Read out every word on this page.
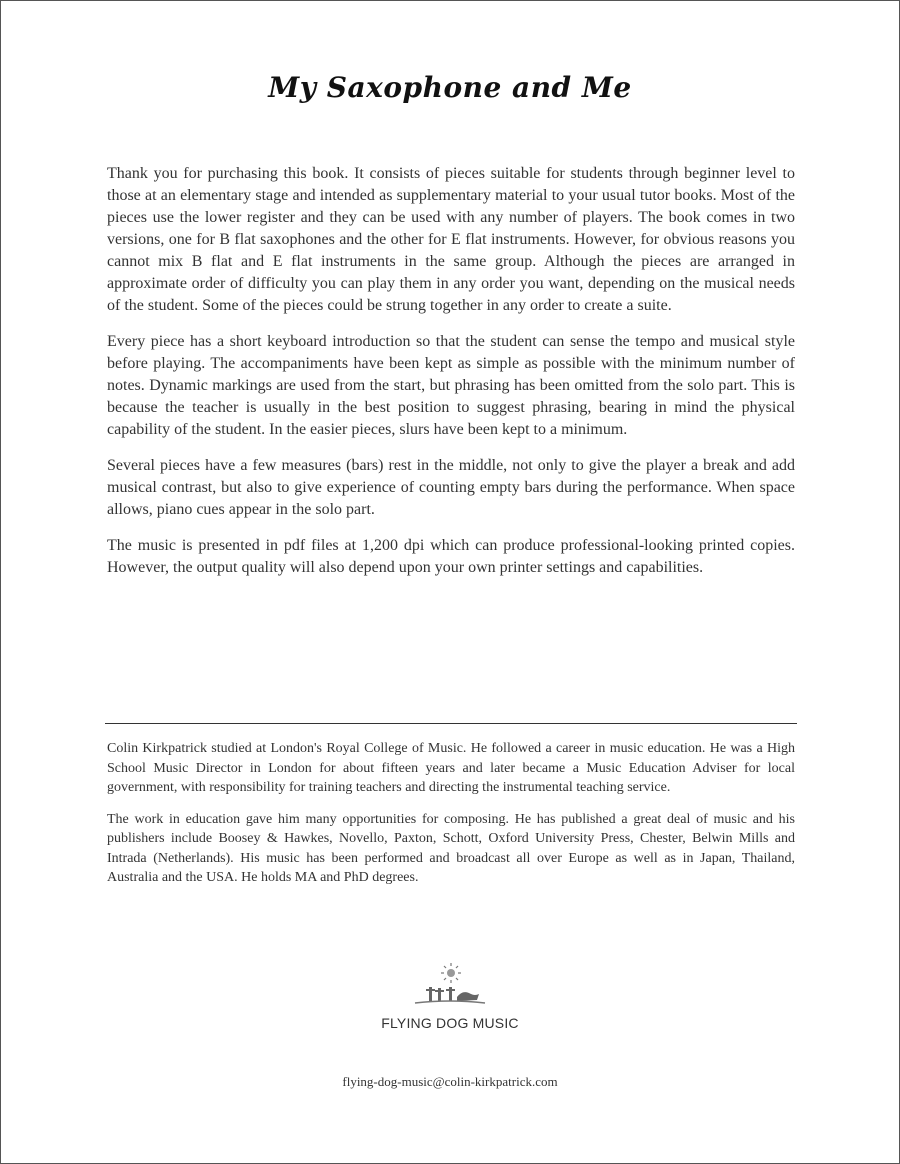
My Saxophone and Me

Thank you for purchasing this book. It consists of pieces suitable for students through beginner level to those at an elementary stage and intended as supplementary material to your usual tutor books. Most of the pieces use the lower register and they can be used with any number of players. The book comes in two versions, one for B flat saxophones and the other for E flat instruments. However, for obvious reasons you cannot mix B flat and E flat instruments in the same group. Although the pieces are arranged in approximate order of difficulty you can play them in any order you want, depending on the musical needs of the student. Some of the pieces could be strung together in any order to create a suite.

Every piece has a short keyboard introduction so that the student can sense the tempo and musical style before playing. The accompaniments have been kept as simple as possible with the minimum number of notes. Dynamic markings are used from the start, but phrasing has been omitted from the solo part. This is because the teacher is usually in the best position to suggest phrasing, bearing in mind the physical capability of the student. In the easier pieces, slurs have been kept to a minimum.

Several pieces have a few measures (bars) rest in the middle, not only to give the player a break and add musical contrast, but also to give experience of counting empty bars during the performance. When space allows, piano cues appear in the solo part.

The music is presented in pdf files at 1,200 dpi which can produce professional-looking printed copies. However, the output quality will also depend upon your own printer settings and capabilities.

Colin Kirkpatrick studied at London's Royal College of Music. He followed a career in music education. He was a High School Music Director in London for about fifteen years and later became a Music Education Adviser for local government, with responsibility for training teachers and directing the instrumental teaching service.

The work in education gave him many opportunities for composing. He has published a great deal of music and his publishers include Boosey & Hawkes, Novello, Paxton, Schott, Oxford University Press, Chester, Belwin Mills and Intrada (Netherlands). His music has been performed and broadcast all over Europe as well as in Japan, Thailand, Australia and the USA. He holds MA and PhD degrees.

FLYING DOG MUSIC
flying-dog-music@colin-kirkpatrick.com
